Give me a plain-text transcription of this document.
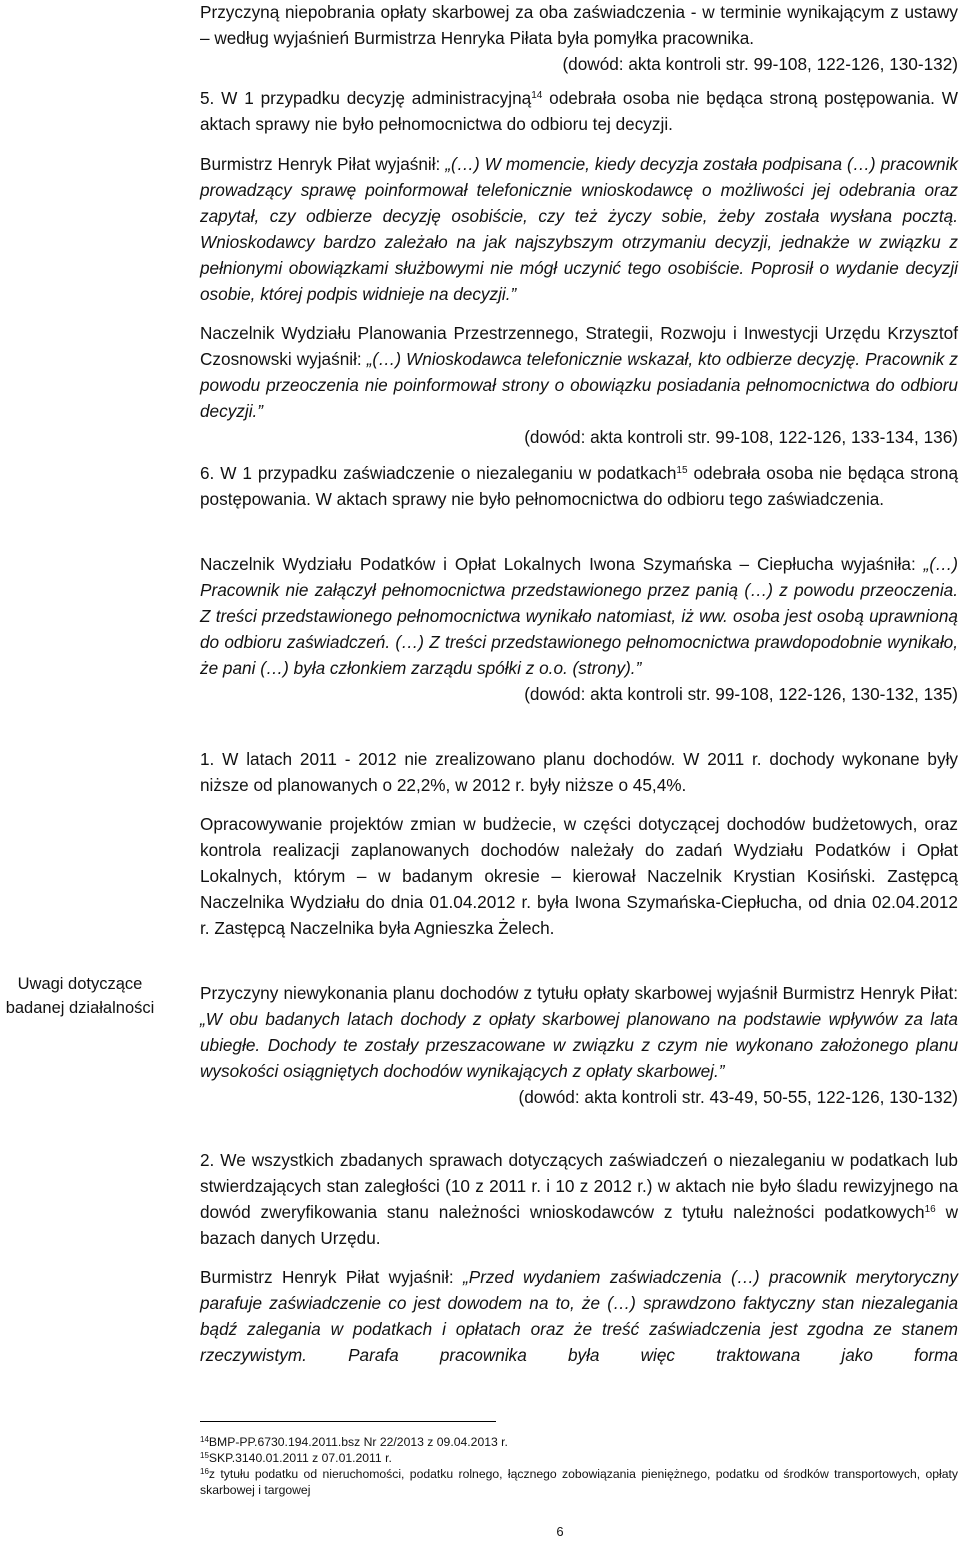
Uwagi dotyczące
badanej działalności

Przyczyną niepobrania opłaty skarbowej za oba zaświadczenia - w terminie wynikającym z ustawy – według wyjaśnień Burmistrza Henryka Piłata była pomyłka pracownika.

(dowód: akta kontroli str. 99-108, 122-126, 130-132)

5. W 1 przypadku decyzję administracyjną$^{14}$ odebrała osoba nie będąca stroną postępowania. W aktach sprawy nie było pełnomocnictwa do odbioru tej decyzji.

Burmistrz Henryk Piłat wyjaśnił: „(…) W momencie, kiedy decyzja została podpisana (…) pracownik prowadzący sprawę poinformował telefonicznie wnioskodawcę o możliwości jej odebrania oraz zapytał, czy odbierze decyzję osobiście, czy też życzy sobie, żeby została wysłana pocztą. Wnioskodawcy bardzo zależało na jak najszybszym otrzymaniu decyzji, jednakże w związku z pełnionymi obowiązkami służbowymi nie mógł uczynić tego osobiście. Poprosił o wydanie decyzji osobie, której podpis widnieje na decyzji.”

Naczelnik Wydziału Planowania Przestrzennego, Strategii, Rozwoju i Inwestycji Urzędu Krzysztof Czosnowski wyjaśnił: „(…) Wnioskodawca telefonicznie wskazał, kto odbierze decyzję. Pracownik z powodu przeoczenia nie poinformował strony o obowiązku posiadania pełnomocnictwa do odbioru decyzji.”

(dowód: akta kontroli str. 99-108, 122-126, 133-134, 136)

6. W 1 przypadku zaświadczenie o niezaleganiu w podatkach$^{15}$ odebrała osoba nie będąca stroną postępowania. W aktach sprawy nie było pełnomocnictwa do odbioru tego zaświadczenia.

Naczelnik Wydziału Podatków i Opłat Lokalnych Iwona Szymańska – Ciepłucha wyjaśniła: „(…) Pracownik nie załączył pełnomocnictwa przedstawionego przez panią (…) z powodu przeoczenia. Z treści przedstawionego pełnomocnictwa wynikało natomiast, iż ww. osoba jest osobą uprawnioną do odbioru zaświadczeń. (…) Z treści przedstawionego pełnomocnictwa prawdopodobnie wynikało, że pani (…) była członkiem zarządu spółki z o.o. (strony).”

(dowód: akta kontroli str. 99-108, 122-126, 130-132, 135)

1. W latach 2011 - 2012 nie zrealizowano planu dochodów. W 2011 r. dochody wykonane były niższe od planowanych o 22,2%, w 2012 r. były niższe o 45,4%.

Opracowywanie projektów zmian w budżecie, w części dotyczącej dochodów budżetowych, oraz kontrola realizacji zaplanowanych dochodów należały do zadań Wydziału Podatków i Opłat Lokalnych, którym – w badanym okresie – kierował Naczelnik Krystian Kosiński. Zastępcą Naczelnika Wydziału do dnia 01.04.2012 r. była Iwona Szymańska-Ciepłucha, od dnia 02.04.2012 r. Zastępcą Naczelnika była Agnieszka Żelech.

Przyczyny niewykonania planu dochodów z tytułu opłaty skarbowej wyjaśnił Burmistrz Henryk Piłat: „W obu badanych latach dochody z opłaty skarbowej planowano na podstawie wpływów za lata ubiegłe. Dochody te zostały przeszacowane w związku z czym nie wykonano założonego planu wysokości osiągniętych dochodów wynikających z opłaty skarbowej.”

(dowód: akta kontroli str. 43-49, 50-55, 122-126, 130-132)

2. We wszystkich zbadanych sprawach dotyczących zaświadczeń o niezaleganiu w podatkach lub stwierdzających stan zaległości (10 z 2011 r. i 10 z 2012 r.) w aktach nie było śladu rewizyjnego na dowód zweryfikowania stanu należności wnioskodawców z tytułu należności podatkowych$^{16}$ w bazach danych Urzędu.

Burmistrz Henryk Piłat wyjaśnił: „Przed wydaniem zaświadczenia (…) pracownik merytoryczny parafuje zaświadczenie co jest dowodem na to, że (…) sprawdzono faktyczny stan niezalegania bądź zalegania w podatkach i opłatach oraz że treść zaświadczenia jest zgodna ze stanem rzeczywistym. Parafa pracownika była więc traktowana jako forma

$^{14}$BMP-PP.6730.194.2011.bsz Nr 22/2013 z 09.04.2013 r.
$^{15}$SKP.3140.01.2011 z 07.01.2011 r.
$^{16}$z tytułu podatku od nieruchomości, podatku rolnego, łącznego zobowiązania pieniężnego, podatku od środków transportowych, opłaty skarbowej i targowej
6
